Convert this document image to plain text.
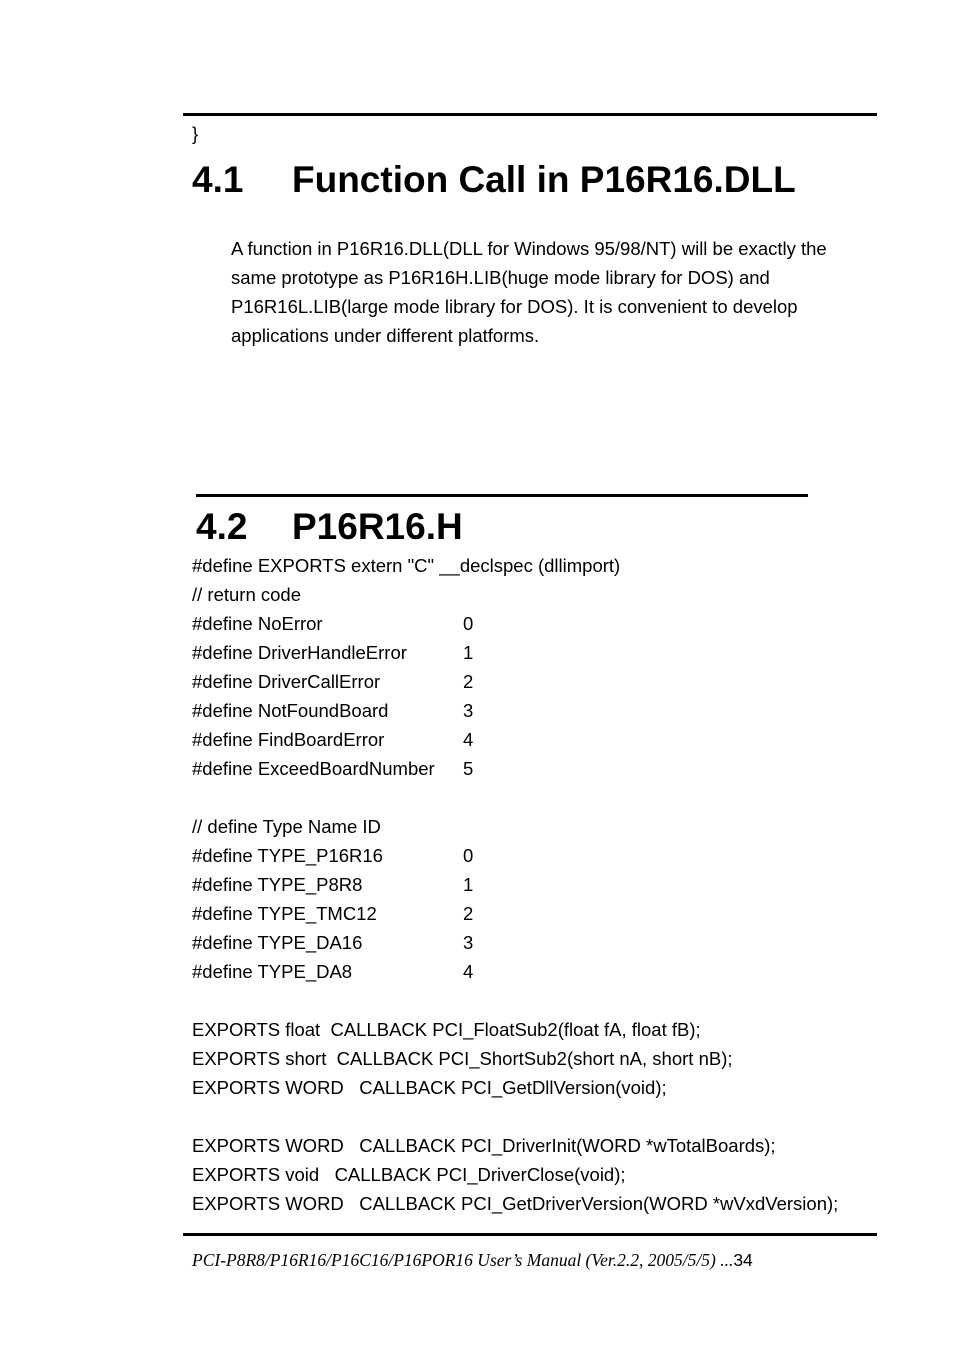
}
4.1 Function Call in P16R16.DLL
A function in P16R16.DLL(DLL for Windows 95/98/NT) will be exactly the
same prototype as P16R16H.LIB(huge mode library for DOS) and
P16R16L.LIB(large mode library for DOS). It is convenient to develop
applications under different platforms.
4.2 P16R16.H
#define EXPORTS extern "C" __declspec (dllimport)
// return code
#define NoError	0
#define DriverHandleError	1
#define DriverCallError	2
#define NotFoundBoard	3
#define FindBoardError	4
#define ExceedBoardNumber 5
// define Type Name ID
#define TYPE_P16R16	0
#define TYPE_P8R8	1
#define TYPE_TMC12	2
#define TYPE_DA16	3
#define TYPE_DA8	4
EXPORTS float  CALLBACK PCI_FloatSub2(float fA, float fB);
EXPORTS short  CALLBACK PCI_ShortSub2(short nA, short nB);
EXPORTS WORD   CALLBACK PCI_GetDllVersion(void);
EXPORTS WORD   CALLBACK PCI_DriverInit(WORD *wTotalBoards);
EXPORTS void   CALLBACK PCI_DriverClose(void);
EXPORTS WORD   CALLBACK PCI_GetDriverVersion(WORD *wVxdVersion);
PCI-P8R8/P16R16/P16C16/P16POR16 User’s Manual (Ver.2.2, 2005/5/5) ...34
